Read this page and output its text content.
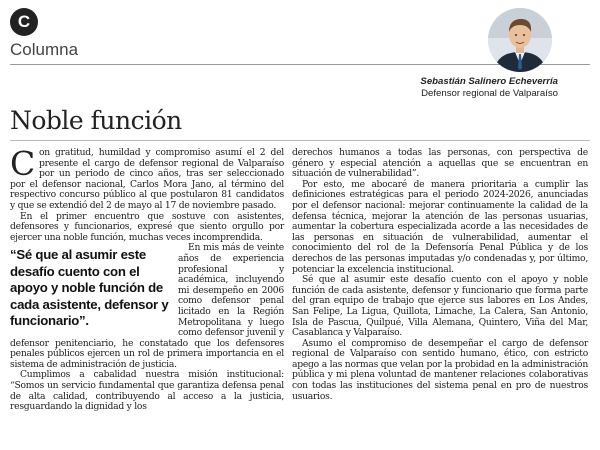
C
Columna
Sebastián Salinero Echeverría
Defensor regional de Valparaíso
Noble función

Con gratitud, humildad y compromiso asumí el 2 del presente el cargo de defensor regional de Valparaíso por un periodo de cinco años, tras ser seleccionado por el defensor nacional, Carlos Mora Jano, al término del respectivo concurso público al que postularon 81 candidatos y que se extendió del 2 de mayo al 17 de noviembre pasado.

En el primer encuentro que sostuve con asistentes, defensores y funcionarios, expresé que siento orgullo por ejercer una noble función, muchas veces incomprendida.

“Sé que al asumir este desafío cuento con el apoyo y noble función de cada asistente, defensor y funcionario”.

En mis más de veinte años de experiencia profesional y académica, incluyendo mi desempeño en 2006 como defensor penal licitado en la Región Metropolitana y luego como defensor juvenil y defensor penitenciario, he constatado que los defensores penales públicos ejercen un rol de primera importancia en el sistema de administración de justicia.

Cumplimos a cabalidad nuestra misión institucional: “Somos un servicio fundamental que garantiza defensa penal de alta calidad, contribuyendo al acceso a la justicia, resguardando la dignidad y los

derechos humanos a todas las personas, con perspectiva de género y especial atención a aquellas que se encuentran en situación de vulnerabilidad”.

Por esto, me abocaré de manera prioritaria a cumplir las definiciones estratégicas para el periodo 2024-2026, anunciadas por el defensor nacional: mejorar continuamente la calidad de la defensa técnica, mejorar la atención de las personas usuarias, aumentar la cobertura especializada acorde a las necesidades de las personas en situación de vulnerabilidad, aumentar el conocimiento del rol de la Defensoría Penal Pública y de los derechos de las personas imputadas y/o condenadas y, por último, potenciar la excelencia institucional.

Sé que al asumir este desafío cuento con el apoyo y noble función de cada asistente, defensor y funcionario que forma parte del gran equipo de trabajo que ejerce sus labores en Los Andes, San Felipe, La Ligua, Quillota, Limache, La Calera, San Antonio, Isla de Pascua, Quilpué, Villa Alemana, Quintero, Viña del Mar, Casablanca y Valparaíso.

Asumo el compromiso de desempeñar el cargo de defensor regional de Valparaíso con sentido humano, ético, con estricto apego a las normas que velan por la probidad en la administración pública y mi plena voluntad de mantener relaciones colaborativas con todas las instituciones del sistema penal en pro de nuestros usuarios.
